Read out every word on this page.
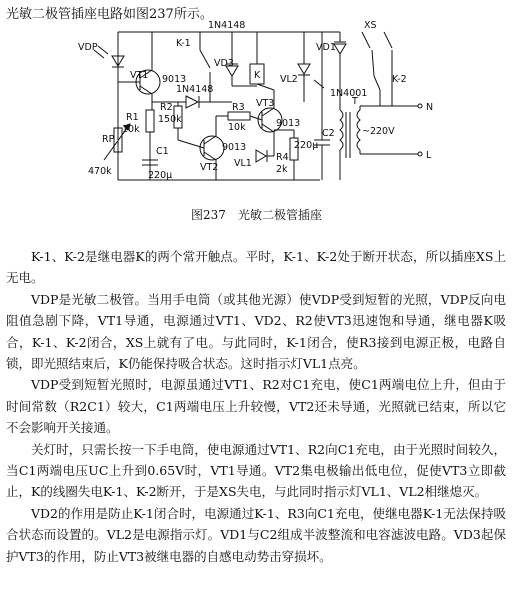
光敏二极管插座电路如图237所示。
VDP	K-1
1N4148	XS
VD1
VT1 9013
VD3
K VL2
1N4001
K-2
R1
10k
R2
150k
1N4148
R3
10k
VT3
9013
T
N
RP
C2
C1
VT2
9013
VL1
R4
2k
220μ
~220V
470k	220μ
L
图237 光敏二极管插座

K-1、K-2是继电器K的两个常开触点。平时，K-1、K-2处于断开状态，所以插座XS上无电。

VDP是光敏二极管。当用手电筒（或其他光源）使VDP受到短暂的光照，VDP反向电阻值急剧下降，VT1导通，电源通过VT1、VD2、R2使VT3迅速饱和导通，继电器K吸合，K-1、K-2闭合，XS上就有了电。与此同时，K-1闭合，使R3接到电源正极，电路自锁，即光照结束后，K仍能保持吸合状态。这时指示灯VL1点亮。

VDP受到短暂光照时，电源虽通过VT1、R2对C1充电，使C1两端电位上升，但由于时间常数（R2C1）较大，C1两端电压上升较慢，VT2还未导通，光照就已结束，所以它不会影响开关接通。

关灯时，只需长按一下手电筒，使电源通过VT1、R2向C1充电，由于光照时间较久，当C1两端电压UC上升到0.65V时，VT1导通。VT2集电极输出低电位，促使VT3立即截止，K的线圈失电K-1、K-2断开，于是XS失电，与此同时指示灯VL1、VL2相继熄灭。

VD2的作用是防止K-1闭合时，电源通过K-1、R3向C1充电，使继电器K-1无法保持吸合状态而设置的。VL2是电源指示灯。VD1与C2组成半波整流和电容滤波电路。VD3起保护VT3的作用，防止VT3被继电器的自感电动势击穿损坏。
